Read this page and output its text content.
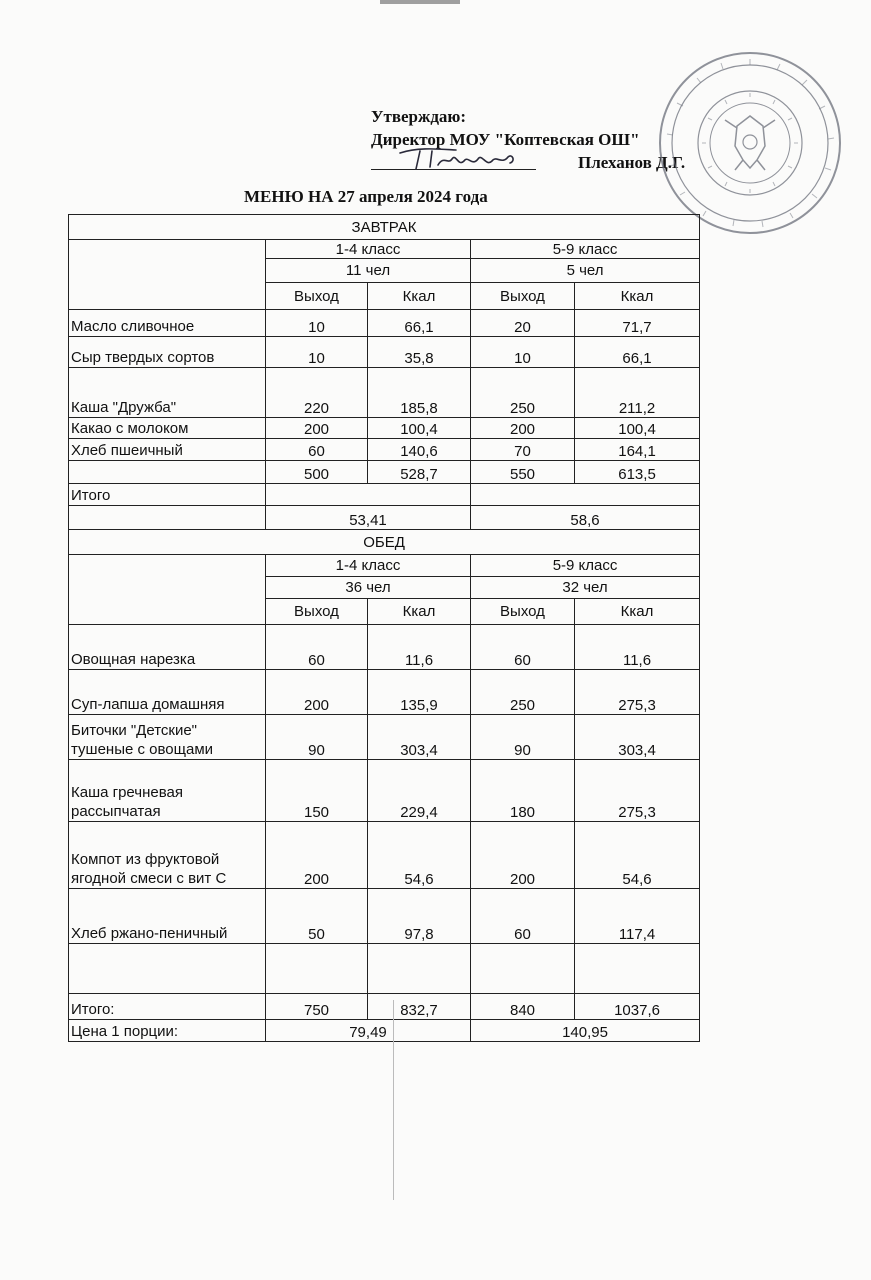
Утверждаю:
Директор МОУ "Коптевская ОШ"
Плеханов Д.Г.
МЕНЮ НА 27 апреля 2024 года
ЗАВТРАК				
	1-4 класс		5-9 класс	
	11 чел		5 чел	
	Выход	Ккал	Выход	Ккал
Масло сливочное	10	66,1	20	71,7
Сыр твердых сортов	10	35,8	10	66,1
Каша "Дружба"	220	185,8	250	211,2
Какао с молоком	200	100,4	200	100,4
Хлеб пшеичный	60	140,6	70	164,1
	500	528,7	550	613,5
Итого				
	53,41		58,6	
ОБЕД				
	1-4 класс		5-9 класс	
	36 чел		32 чел	
	Выход	Ккал	Выход	Ккал

Овощная нарезка	60	11,6	60	11,6

Суп-лапша домашняя	200	135,9	250	275,3
Биточки "Детские"
тушеные с овощами	90	303,4	90	303,4
Каша гречневая
рассыпчатая	150	229,4	180	275,3
Компот из фруктовой
ягодной смеси с вит С	200	54,6	200	54,6

Хлеб ржано-пеничный	50	97,8	60	117,4

Итого:	750	832,7	840	1037,6
Цена 1 порции:	79,49		140,95	
